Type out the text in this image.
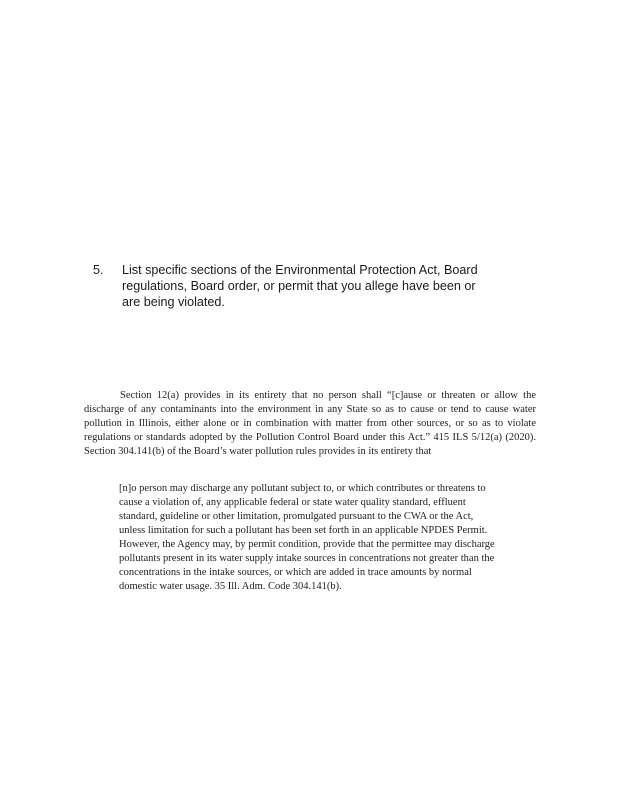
5. List specific sections of the Environmental Protection Act, Board regulations, Board order, or permit that you allege have been or are being violated.
Section 12(a) provides in its entirety that no person shall “[c]ause or threaten or allow the discharge of any contaminants into the environment in any State so as to cause or tend to cause water pollution in Illinois, either alone or in combination with matter from other sources, or so as to violate regulations or standards adopted by the Pollution Control Board under this Act.” 415 ILS 5/12(a) (2020). Section 304.141(b) of the Board’s water pollution rules provides in its entirety that
[n]o person may discharge any pollutant subject to, or which contributes or threatens to cause a violation of, any applicable federal or state water quality standard, effluent standard, guideline or other limitation, promulgated pursuant to the CWA or the Act, unless limitation for such a pollutant has been set forth in an applicable NPDES Permit. However, the Agency may, by permit condition, provide that the permittee may discharge pollutants present in its water supply intake sources in concentrations not greater than the concentrations in the intake sources, or which are added in trace amounts by normal domestic water usage. 35 Ill. Adm. Code 304.141(b).
